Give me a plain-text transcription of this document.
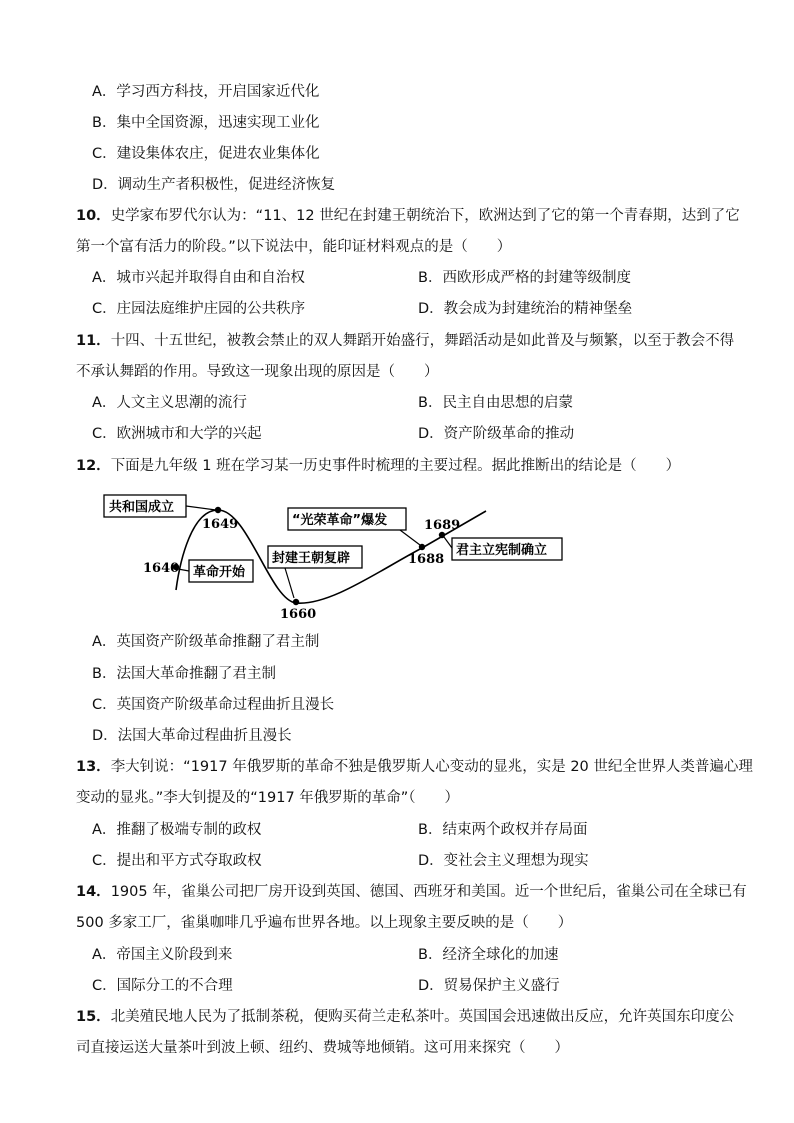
A．学习西方科技，开启国家近代化
B．集中全国资源，迅速实现工业化
C．建设集体农庄，促进农业集体化
D．调动生产者积极性，促进经济恢复
10．史学家布罗代尔认为：“11、12 世纪在封建王朝统治下，欧洲达到了它的第一个青春期，达到了它
第一个富有活力的阶段。”以下说法中，能印证材料观点的是（　　）
A．城市兴起并取得自由和自治权	B．西欧形成严格的封建等级制度
C．庄园法庭维护庄园的公共秩序	D．教会成为封建统治的精神堡垒
11．十四、十五世纪，被教会禁止的双人舞蹈开始盛行，舞蹈活动是如此普及与频繁，以至于教会不得
不承认舞蹈的作用。导致这一现象出现的原因是（　　）
A．人文主义思潮的流行	B．民主自由思想的启蒙
C．欧洲城市和大学的兴起	D．资产阶级革命的推动
12．下面是九年级 1 班在学习某一历史事件时梳理的主要过程。据此推断出的结论是（　　）
共和国成立
革命开始
封建王朝复辟
“光荣革命”爆发
君主立宪制确立
1640
1649
1660
1688
1689
A．英国资产阶级革命推翻了君主制
B．法国大革命推翻了君主制
C．英国资产阶级革命过程曲折且漫长
D．法国大革命过程曲折且漫长
13．李大钊说：“1917 年俄罗斯的革命不独是俄罗斯人心变动的显兆，实是 20 世纪全世界人类普遍心理
变动的显兆。”李大钊提及的“1917 年俄罗斯的革命”（　　）
A．推翻了极端专制的政权	B．结束两个政权并存局面
C．提出和平方式夺取政权	D．变社会主义理想为现实
14．1905 年，雀巢公司把厂房开设到英国、德国、西班牙和美国。近一个世纪后，雀巢公司在全球已有
500 多家工厂，雀巢咖啡几乎遍布世界各地。以上现象主要反映的是（　　）
A．帝国主义阶段到来	B．经济全球化的加速
C．国际分工的不合理	D．贸易保护主义盛行
15．北美殖民地人民为了抵制茶税，便购买荷兰走私茶叶。英国国会迅速做出反应，允许英国东印度公
司直接运送大量茶叶到波上顿、纽约、费城等地倾销。这可用来探究（　　）
